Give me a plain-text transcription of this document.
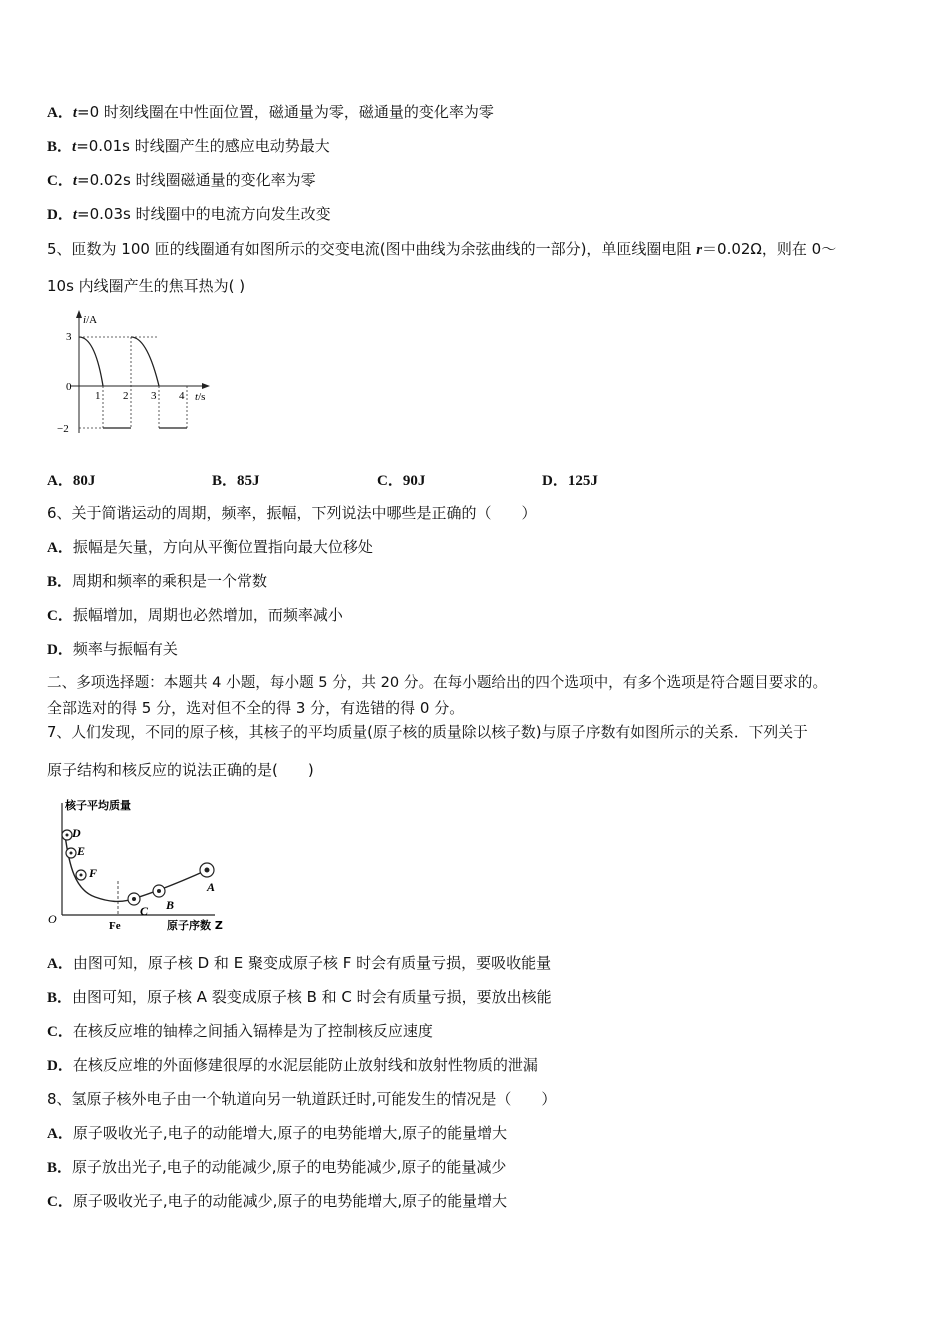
A．t=0 时刻线圈在中性面位置，磁通量为零，磁通量的变化率为零
B．t=0.01s 时线圈产生的感应电动势最大
C．t=0.02s 时线圈磁通量的变化率为零
D．t=0.03s 时线圈中的电流方向发生改变
5、匝数为 100 匝的线圈通有如图所示的交变电流(图中曲线为余弦曲线的一部分)，单匝线圈电阻 r＝0.02Ω，则在 0～
10s 内线圈产生的焦耳热为( )
i/A
t/s
3
0
−2
1 2 3 4
A．80J	B．85J	C．90J	D．125J
6、关于简谐运动的周期，频率，振幅，下列说法中哪些是正确的（　　）
A．振幅是矢量，方向从平衡位置指向最大位移处
B．周期和频率的乘积是一个常数
C．振幅增加，周期也必然增加，而频率减小
D．频率与振幅有关
二、多项选择题：本题共 4 小题，每小题 5 分，共 20 分。在每小题给出的四个选项中，有多个选项是符合题目要求的。
全部选对的得 5 分，选对但不全的得 3 分，有选错的得 0 分。
7、人们发现，不同的原子核，其核子的平均质量(原子核的质量除以核子数)与原子序数有如图所示的关系．下列关于
原子结构和核反应的说法正确的是(　　)
核子平均质量
原子序数 Z
O	Fe
D
E
F
C B
A
A．由图可知，原子核 D 和 E 聚变成原子核 F 时会有质量亏损，要吸收能量
B．由图可知，原子核 A 裂变成原子核 B 和 C 时会有质量亏损，要放出核能
C．在核反应堆的铀棒之间插入镉棒是为了控制核反应速度
D．在核反应堆的外面修建很厚的水泥层能防止放射线和放射性物质的泄漏
8、氢原子核外电子由一个轨道向另一轨道跃迁时,可能发生的情况是（　　）
A．原子吸收光子,电子的动能增大,原子的电势能增大,原子的能量增大
B．原子放出光子,电子的动能减少,原子的电势能减少,原子的能量减少
C．原子吸收光子,电子的动能减少,原子的电势能增大,原子的能量增大
